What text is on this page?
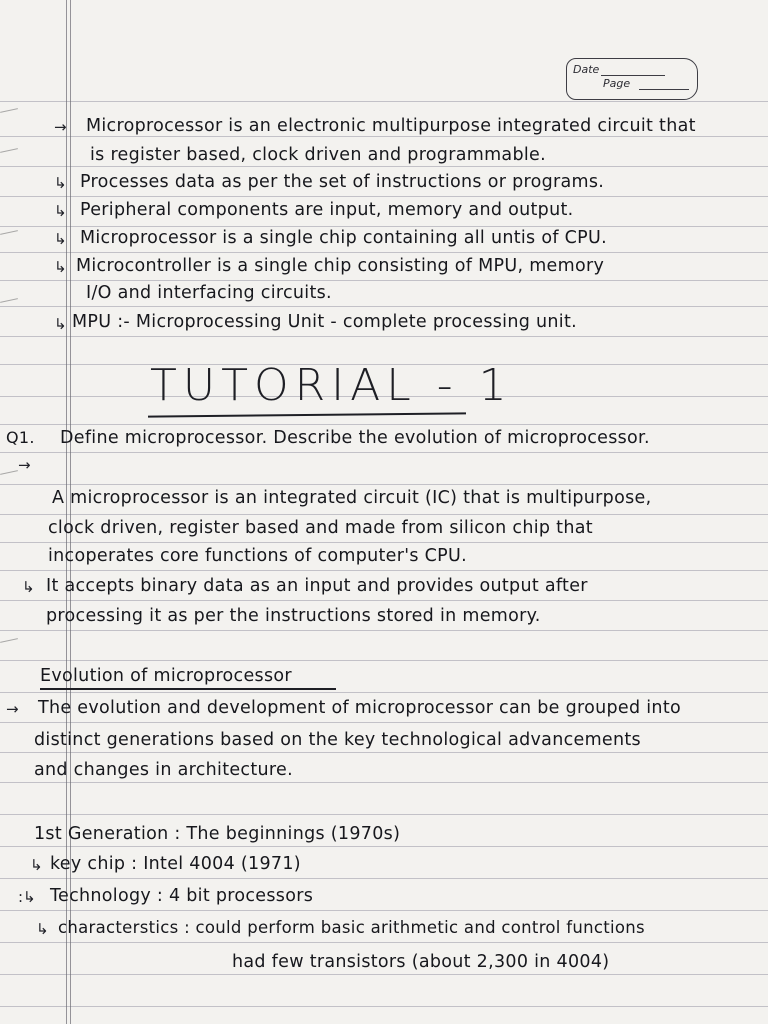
Date
Page
→ Microprocessor is an electronic multipurpose integrated circuit that
is register based, clock driven and programmable.
↳ Processes data as per the set of instructions or programs.
↳ Peripheral components are input, memory and output.
↳ Microprocessor is a single chip containing all untis of CPU.
↳ Microcontroller is a single chip consisting of MPU, memory
I/O and interfacing circuits.
↳ MPU :- Microprocessing Unit - complete processing unit.
TUTORIAL - 1
Q1. Define microprocessor. Describe the evolution of microprocessor.
→
A microprocessor is an integrated circuit (IC) that is multipurpose,
clock driven, register based and made from silicon chip that
incoperates core functions of computer's CPU.
↳ It accepts binary data as an input and provides output after
processing it as per the instructions stored in memory.
Evolution of microprocessor
→ The evolution and development of microprocessor can be grouped into
distinct generations based on the key technological advancements
and changes in architecture.
1st Generation : The beginnings (1970s)
↳ key chip : Intel 4004 (1971)
:↳ Technology : 4 bit processors
↳ characterstics : could perform basic arithmetic and control functions
had few transistors (about 2,300 in 4004)
